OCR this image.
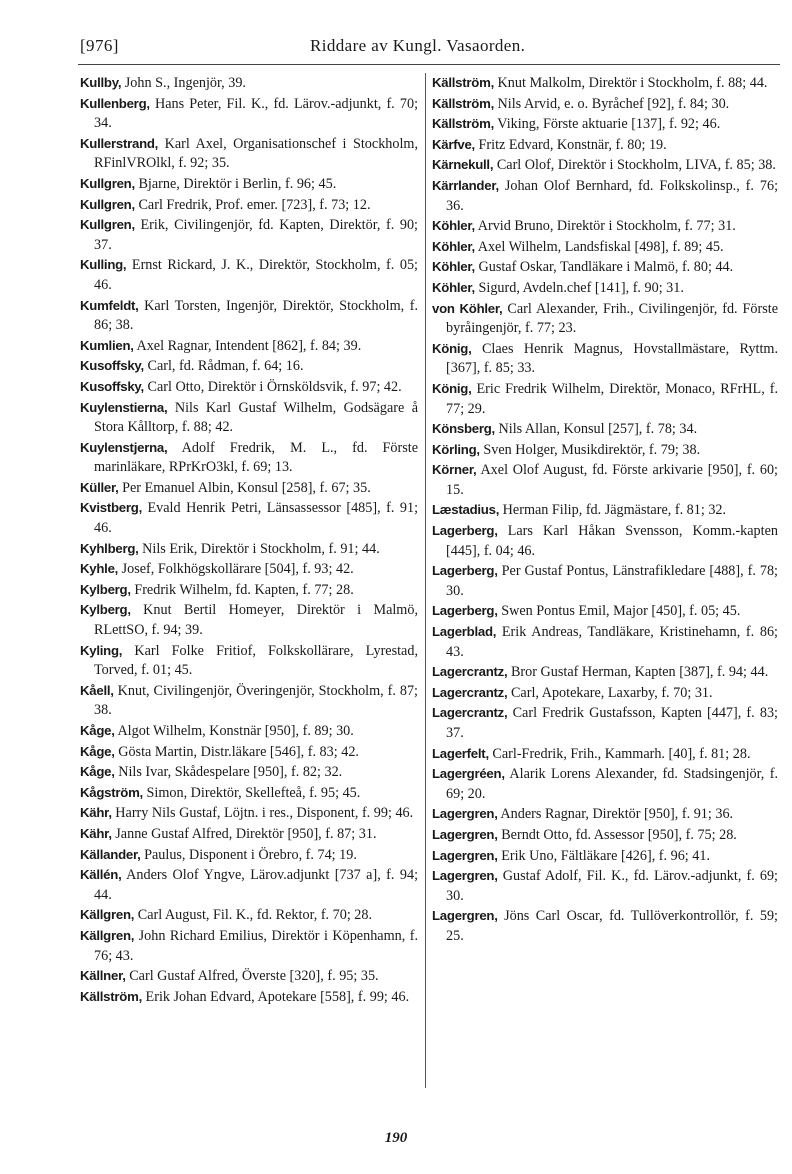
[976]	Riddare av Kungl. Vasaorden.
Kullby, John S., Ingenjör, 39.
Kullenberg, Hans Peter, Fil. K., fd. Lärov.-adjunkt, f. 70; 34.
Kullerstrand, Karl Axel, Organisationschef i Stockholm, RFinlVROlkl, f. 92; 35.
Kullgren, Bjarne, Direktör i Berlin, f. 96; 45.
Kullgren, Carl Fredrik, Prof. emer. [723], f. 73; 12.
Kullgren, Erik, Civilingenjör, fd. Kapten, Direktör, f. 90; 37.
Kulling, Ernst Rickard, J. K., Direktör, Stockholm, f. 05; 46.
Kumfeldt, Karl Torsten, Ingenjör, Direktör, Stockholm, f. 86; 38.
Kumlien, Axel Ragnar, Intendent [862], f. 84; 39.
Kusoffsky, Carl, fd. Rådman, f. 64; 16.
Kusoffsky, Carl Otto, Direktör i Örnsköldsvik, f. 97; 42.
Kuylenstierna, Nils Karl Gustaf Wilhelm, Godsägare å Stora Kålltorp, f. 88; 42.
Kuylenstjerna, Adolf Fredrik, M. L., fd. Förste marinläkare, RPrKrO3kl, f. 69; 13.
Küller, Per Emanuel Albin, Konsul [258], f. 67; 35.
Kvistberg, Evald Henrik Petri, Länsassessor [485], f. 91; 46.
Kyhlberg, Nils Erik, Direktör i Stockholm, f. 91; 44.
Kyhle, Josef, Folkhögskollärare [504], f. 93; 42.
Kylberg, Fredrik Wilhelm, fd. Kapten, f. 77; 28.
Kylberg, Knut Bertil Homeyer, Direktör i Malmö, RLettSO, f. 94; 39.
Kyling, Karl Folke Fritiof, Folkskollärare, Lyrestad, Torved, f. 01; 45.
Kåell, Knut, Civilingenjör, Överingenjör, Stockholm, f. 87; 38.
Kåge, Algot Wilhelm, Konstnär [950], f. 89; 30.
Kåge, Gösta Martin, Distr.läkare [546], f. 83; 42.
Kåge, Nils Ivar, Skådespelare [950], f. 82; 32.
Kågström, Simon, Direktör, Skellefteå, f. 95; 45.
Kähr, Harry Nils Gustaf, Löjtn. i res., Disponent, f. 99; 46.
Kähr, Janne Gustaf Alfred, Direktör [950], f. 87; 31.
Källander, Paulus, Disponent i Örebro, f. 74; 19.
Källén, Anders Olof Yngve, Lärov.adjunkt [737 a], f. 94; 44.
Källgren, Carl August, Fil. K., fd. Rektor, f. 70; 28.
Källgren, John Richard Emilius, Direktör i Köpenhamn, f. 76; 43.
Källner, Carl Gustaf Alfred, Överste [320], f. 95; 35.
Källström, Erik Johan Edvard, Apotekare [558], f. 99; 46.
Källström, Knut Malkolm, Direktör i Stockholm, f. 88; 44.
Källström, Nils Arvid, e. o. Byråchef [92], f. 84; 30.
Källström, Viking, Förste aktuarie [137], f. 92; 46.
Kärfve, Fritz Edvard, Konstnär, f. 80; 19.
Kärnekull, Carl Olof, Direktör i Stockholm, LIVA, f. 85; 38.
Kärrlander, Johan Olof Bernhard, fd. Folkskolinsp., f. 76; 36.
Köhler, Arvid Bruno, Direktör i Stockholm, f. 77; 31.
Köhler, Axel Wilhelm, Landsfiskal [498], f. 89; 45.
Köhler, Gustaf Oskar, Tandläkare i Malmö, f. 80; 44.
Köhler, Sigurd, Avdeln.chef [141], f. 90; 31.
von Köhler, Carl Alexander, Frih., Civilingenjör, fd. Förste byråingenjör, f. 77; 23.
König, Claes Henrik Magnus, Hovstallmästare, Ryttm. [367], f. 85; 33.
König, Eric Fredrik Wilhelm, Direktör, Monaco, RFrHL, f. 77; 29.
Könsberg, Nils Allan, Konsul [257], f. 78; 34.
Körling, Sven Holger, Musikdirektör, f. 79; 38.
Körner, Axel Olof August, fd. Förste arkivarie [950], f. 60; 15.
Læstadius, Herman Filip, fd. Jägmästare, f. 81; 32.
Lagerberg, Lars Karl Håkan Svensson, Komm.-kapten [445], f. 04; 46.
Lagerberg, Per Gustaf Pontus, Länstrafikledare [488], f. 78; 30.
Lagerberg, Swen Pontus Emil, Major [450], f. 05; 45.
Lagerblad, Erik Andreas, Tandläkare, Kristinehamn, f. 86; 43.
Lagercrantz, Bror Gustaf Herman, Kapten [387], f. 94; 44.
Lagercrantz, Carl, Apotekare, Laxarby, f. 70; 31.
Lagercrantz, Carl Fredrik Gustafsson, Kapten [447], f. 83; 37.
Lagerfelt, Carl-Fredrik, Frih., Kammarh. [40], f. 81; 28.
Lagergréen, Alarik Lorens Alexander, fd. Stadsingenjör, f. 69; 20.
Lagergren, Anders Ragnar, Direktör [950], f. 91; 36.
Lagergren, Berndt Otto, fd. Assessor [950], f. 75; 28.
Lagergren, Erik Uno, Fältläkare [426], f. 96; 41.
Lagergren, Gustaf Adolf, Fil. K., fd. Lärov.-adjunkt, f. 69; 30.
Lagergren, Jöns Carl Oscar, fd. Tullöverkontrollör, f. 59; 25.
190
